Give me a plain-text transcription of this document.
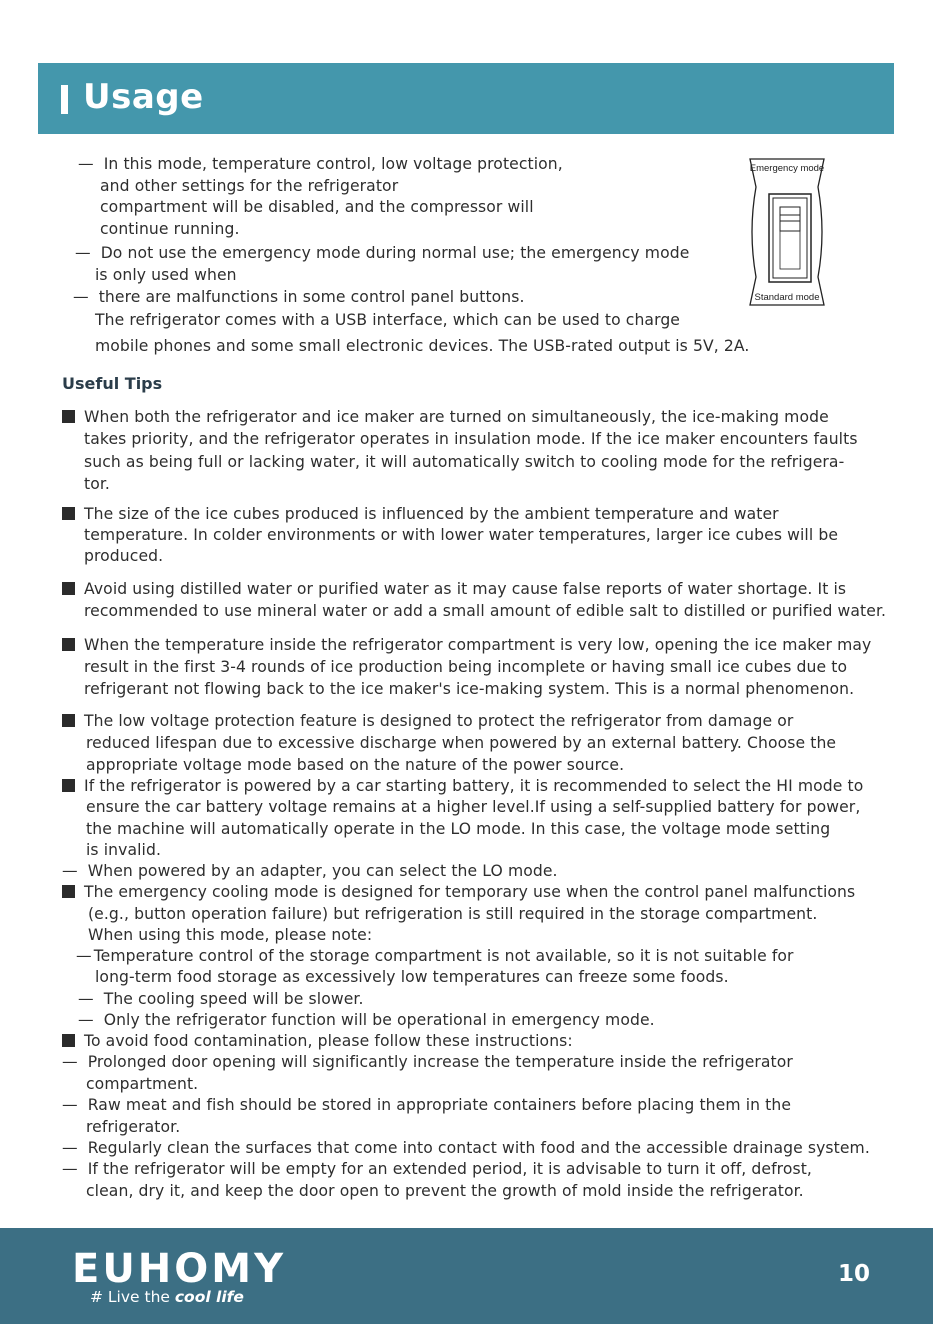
Usage
— In this mode, temperature control, low voltage protection,
and other settings for the refrigerator
compartment will be disabled, and the compressor will
continue running.
— Do not use the emergency mode during normal use; the emergency mode
is only used when
— there are malfunctions in some control panel buttons.
The refrigerator comes with a USB interface, which can be used to charge
mobile phones and some small electronic devices. The USB-rated output is 5V, 2A.
Emergency mode
Standard mode
Useful Tips
When both the refrigerator and ice maker are turned on simultaneously, the ice-making mode
takes priority, and the refrigerator operates in insulation mode. If the ice maker encounters faults
such as being full or lacking water, it will automatically switch to cooling mode for the refrigera-
tor.
The size of the ice cubes produced is influenced by the ambient temperature and water
temperature. In colder environments or with lower water temperatures, larger ice cubes will be
produced.
Avoid using distilled water or purified water as it may cause false reports of water shortage. It is
recommended to use mineral water or add a small amount of edible salt to distilled or purified water.
When the temperature inside the refrigerator compartment is very low, opening the ice maker may
result in the first 3-4 rounds of ice production being incomplete or having small ice cubes due to
refrigerant not flowing back to the ice maker's ice-making system. This is a normal phenomenon.
The low voltage protection feature is designed to protect the refrigerator from damage or
reduced lifespan due to excessive discharge when powered by an external battery. Choose the
appropriate voltage mode based on the nature of the power source.
If the refrigerator is powered by a car starting battery, it is recommended to select the HI mode to
ensure the car battery voltage remains at a higher level.If using a self-supplied battery for power,
the machine will automatically operate in the LO mode. In this case, the voltage mode setting
is invalid.
— When powered by an adapter, you can select the LO mode.
The emergency cooling mode is designed for temporary use when the control panel malfunctions
(e.g., button operation failure) but refrigeration is still required in the storage compartment.
When using this mode, please note:
— Temperature control of the storage compartment is not available, so it is not suitable for
long-term food storage as excessively low temperatures can freeze some foods.
— The cooling speed will be slower.
— Only the refrigerator function will be operational in emergency mode.
To avoid food contamination, please follow these instructions:
— Prolonged door opening will significantly increase the temperature inside the refrigerator
compartment.
— Raw meat and fish should be stored in appropriate containers before placing them in the
refrigerator.
— Regularly clean the surfaces that come into contact with food and the accessible drainage system.
— If the refrigerator will be empty for an extended period, it is advisable to turn it off, defrost,
clean, dry it, and keep the door open to prevent the growth of mold inside the refrigerator.
EUHOMY
# Live the cool life
10
